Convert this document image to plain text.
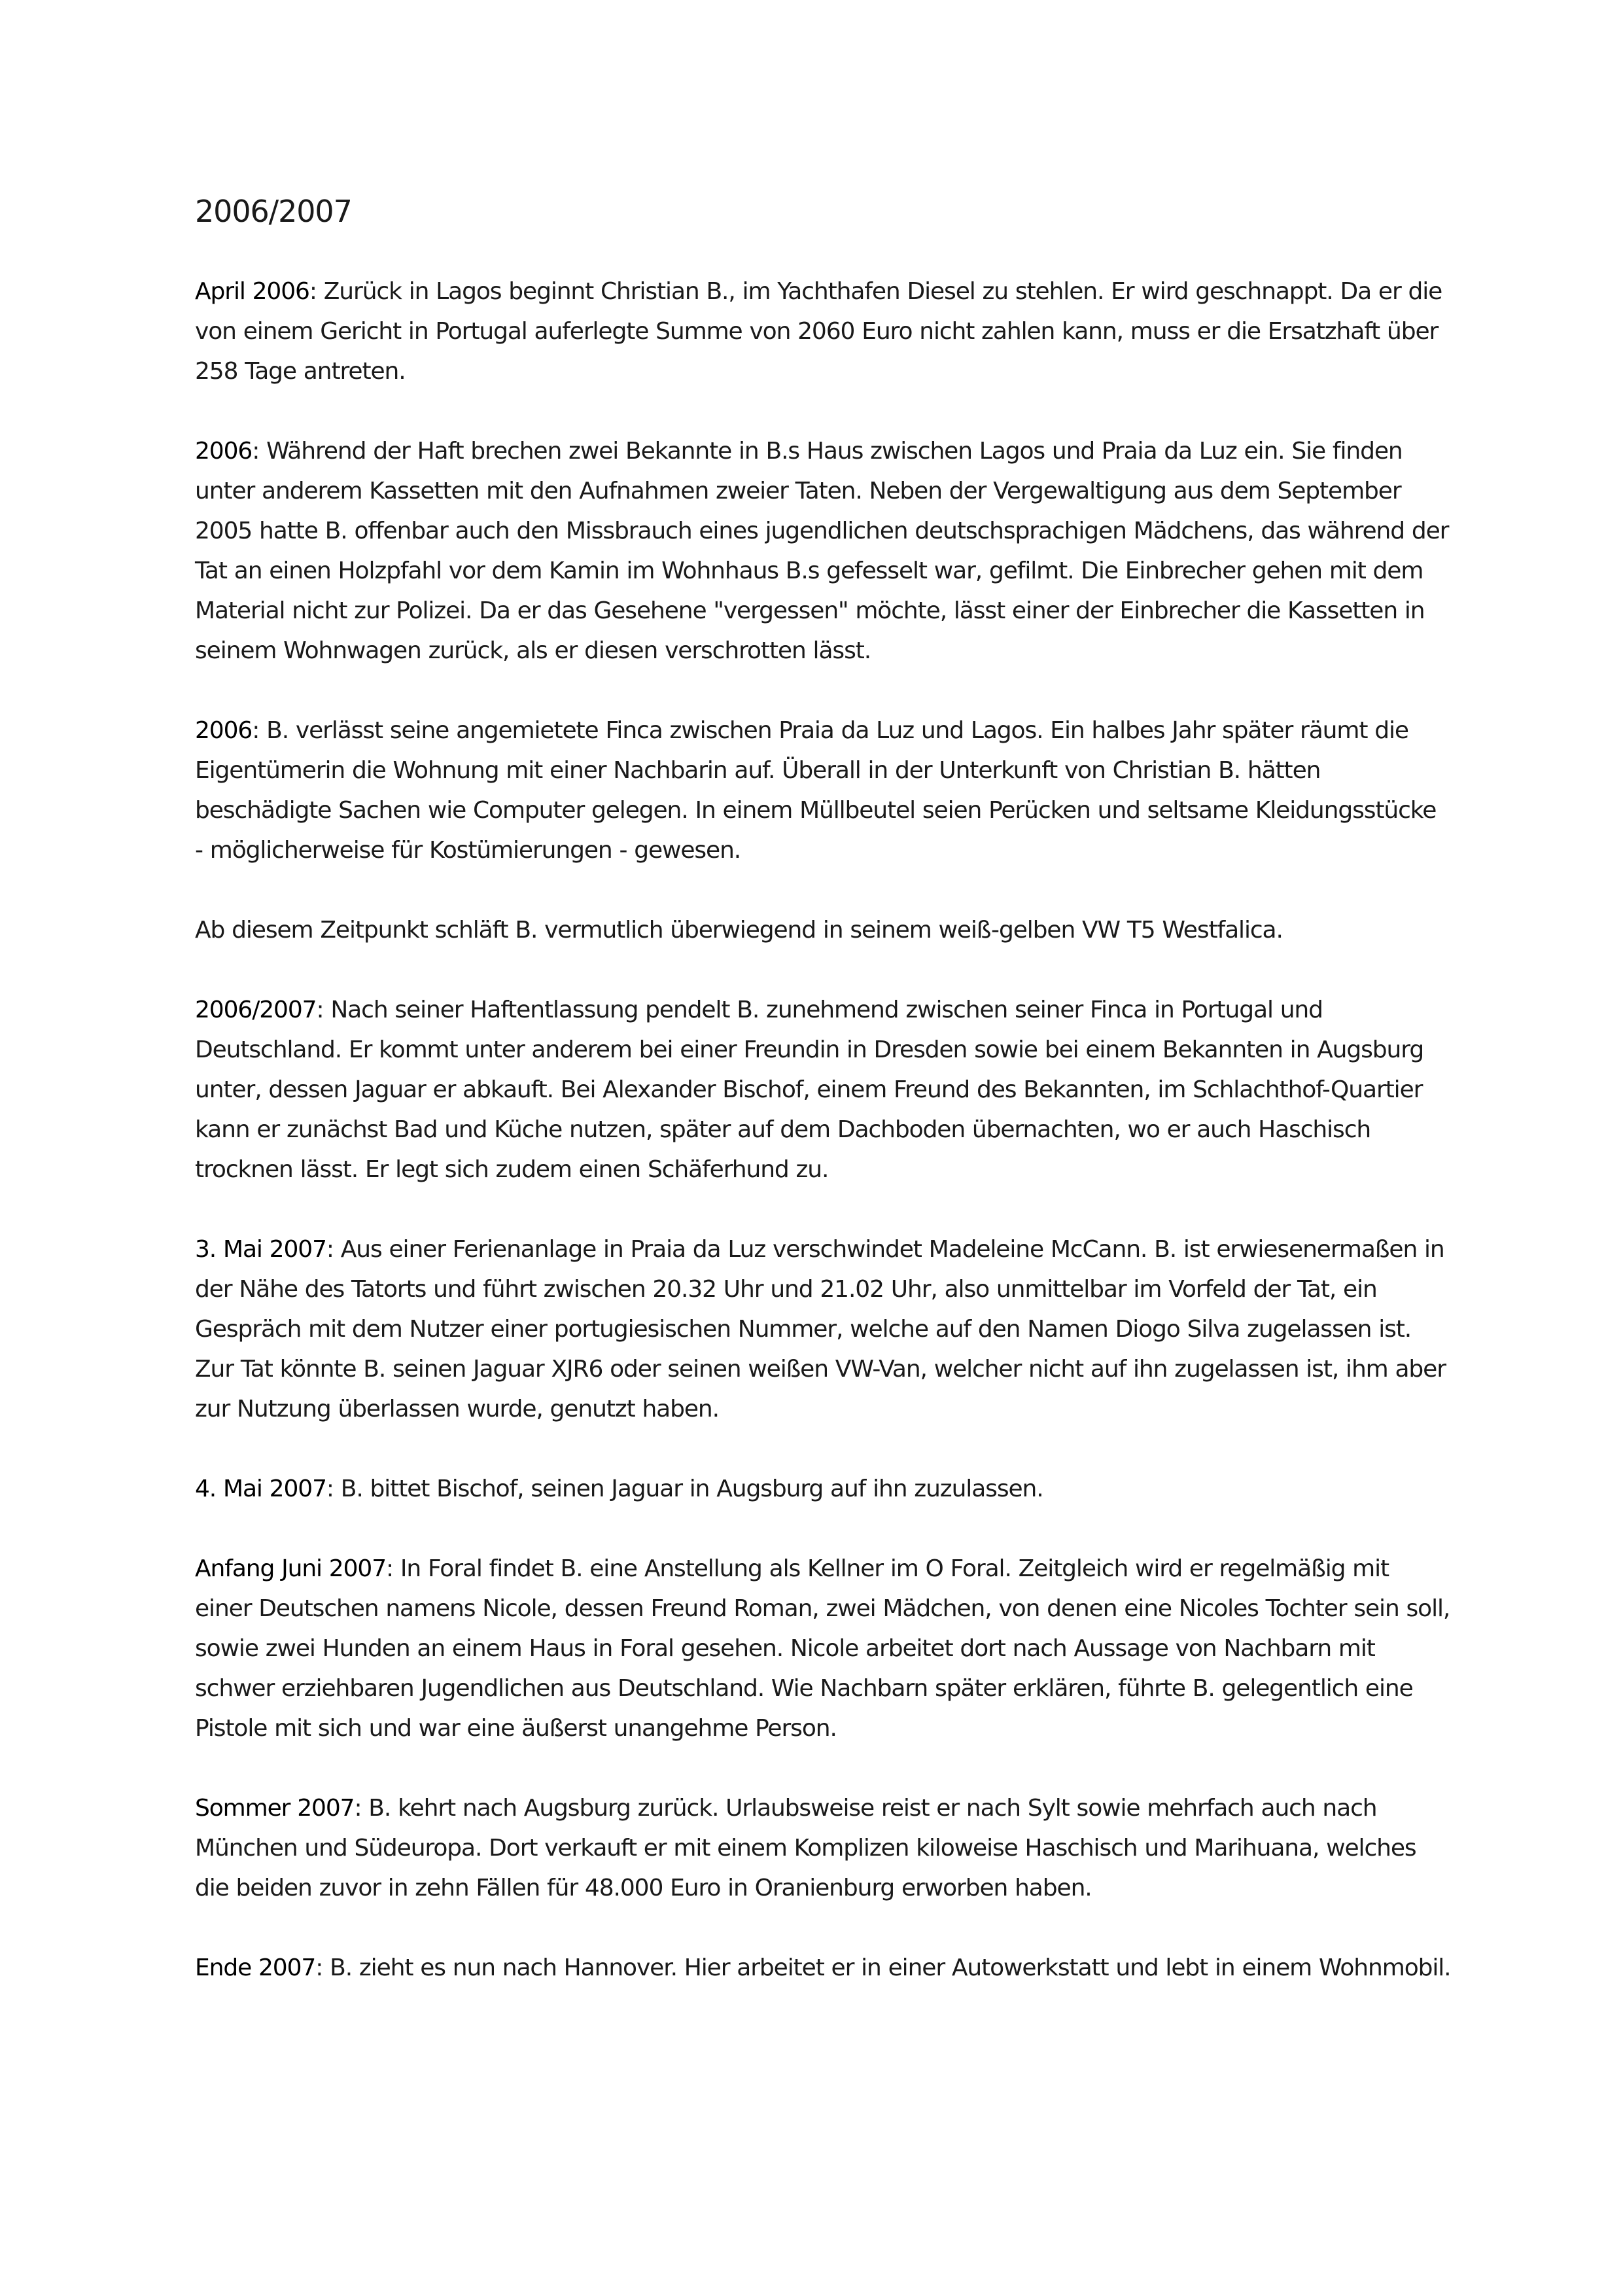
2006/2007

April 2006: Zurück in Lagos beginnt Christian B., im Yachthafen Diesel zu stehlen. Er wird geschnappt. Da er die von einem Gericht in Portugal auferlegte Summe von 2060 Euro nicht zahlen kann, muss er die Ersatzhaft über 258 Tage antreten.

2006: Während der Haft brechen zwei Bekannte in B.s Haus zwischen Lagos und Praia da Luz ein. Sie finden unter anderem Kassetten mit den Aufnahmen zweier Taten. Neben der Vergewaltigung aus dem September 2005 hatte B. offenbar auch den Missbrauch eines jugendlichen deutschsprachigen Mädchens, das während der Tat an einen Holzpfahl vor dem Kamin im Wohnhaus B.s gefesselt war, gefilmt. Die Einbrecher gehen mit dem Material nicht zur Polizei. Da er das Gesehene "vergessen" möchte, lässt einer der Einbrecher die Kassetten in seinem Wohnwagen zurück, als er diesen verschrotten lässt.

2006: B. verlässt seine angemietete Finca zwischen Praia da Luz und Lagos. Ein halbes Jahr später räumt die Eigentümerin die Wohnung mit einer Nachbarin auf. Überall in der Unterkunft von Christian B. hätten beschädigte Sachen wie Computer gelegen. In einem Müllbeutel seien Perücken und seltsame Kleidungsstücke - möglicherweise für Kostümierungen - gewesen.

Ab diesem Zeitpunkt schläft B. vermutlich überwiegend in seinem weiß-gelben VW T5 Westfalica.

2006/2007: Nach seiner Haftentlassung pendelt B. zunehmend zwischen seiner Finca in Portugal und Deutschland. Er kommt unter anderem bei einer Freundin in Dresden sowie bei einem Bekannten in Augsburg unter, dessen Jaguar er abkauft. Bei Alexander Bischof, einem Freund des Bekannten, im Schlachthof-Quartier kann er zunächst Bad und Küche nutzen, später auf dem Dachboden übernachten, wo er auch Haschisch trocknen lässt. Er legt sich zudem einen Schäferhund zu.

3. Mai 2007: Aus einer Ferienanlage in Praia da Luz verschwindet Madeleine McCann. B. ist erwiesenermaßen in der Nähe des Tatorts und führt zwischen 20.32 Uhr und 21.02 Uhr, also unmittelbar im Vorfeld der Tat, ein Gespräch mit dem Nutzer einer portugiesischen Nummer, welche auf den Namen Diogo Silva zugelassen ist. Zur Tat könnte B. seinen Jaguar XJR6 oder seinen weißen VW-Van, welcher nicht auf ihn zugelassen ist, ihm aber zur Nutzung überlassen wurde, genutzt haben.

4. Mai 2007: B. bittet Bischof, seinen Jaguar in Augsburg auf ihn zuzulassen.

Anfang Juni 2007: In Foral findet B. eine Anstellung als Kellner im O Foral. Zeitgleich wird er regelmäßig mit einer Deutschen namens Nicole, dessen Freund Roman, zwei Mädchen, von denen eine Nicoles Tochter sein soll, sowie zwei Hunden an einem Haus in Foral gesehen. Nicole arbeitet dort nach Aussage von Nachbarn mit schwer erziehbaren Jugendlichen aus Deutschland. Wie Nachbarn später erklären, führte B. gelegentlich eine Pistole mit sich und war eine äußerst unangehme Person.

Sommer 2007: B. kehrt nach Augsburg zurück. Urlaubsweise reist er nach Sylt sowie mehrfach auch nach München und Südeuropa. Dort verkauft er mit einem Komplizen kiloweise Haschisch und Marihuana, welches die beiden zuvor in zehn Fällen für 48.000 Euro in Oranienburg erworben haben.

Ende 2007: B. zieht es nun nach Hannover. Hier arbeitet er in einer Autowerkstatt und lebt in einem Wohnmobil.
